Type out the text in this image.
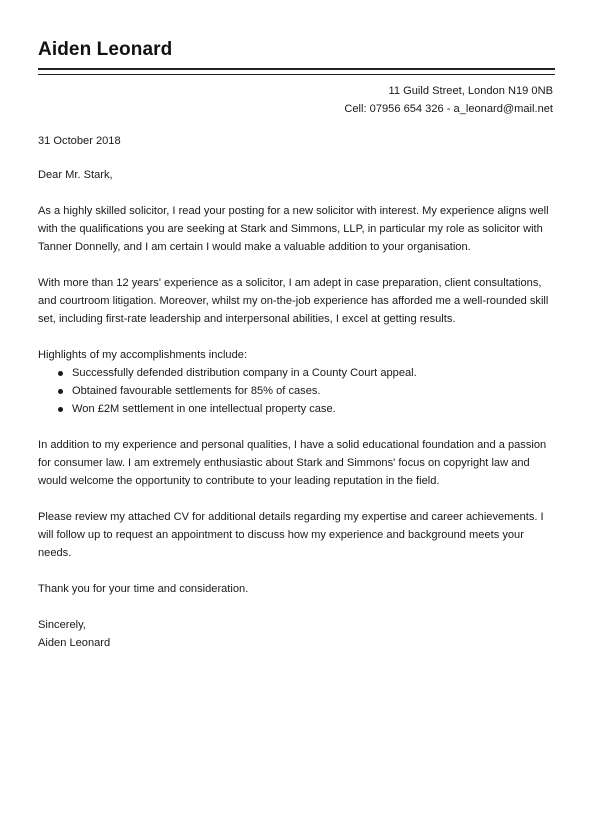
Aiden Leonard
11 Guild Street, London N19 0NB
Cell: 07956 654 326 - a_leonard@mail.net

31 October 2018

Dear Mr. Stark,

As a highly skilled solicitor, I read your posting for a new solicitor with interest. My experience aligns well with the qualifications you are seeking at Stark and Simmons, LLP, in particular my role as solicitor with Tanner Donnelly, and I am certain I would make a valuable addition to your organisation.

With more than 12 years' experience as a solicitor, I am adept in case preparation, client consultations, and courtroom litigation. Moreover, whilst my on-the-job experience has afforded me a well-rounded skill set, including first-rate leadership and interpersonal abilities, I excel at getting results.

Highlights of my accomplishments include:

Successfully defended distribution company in a County Court appeal.
Obtained favourable settlements for 85% of cases.
Won £2M settlement in one intellectual property case.

In addition to my experience and personal qualities, I have a solid educational foundation and a passion for consumer law. I am extremely enthusiastic about Stark and Simmons' focus on copyright law and would welcome the opportunity to contribute to your leading reputation in the field.

Please review my attached CV for additional details regarding my expertise and career achievements. I will follow up to request an appointment to discuss how my experience and background meets your needs.

Thank you for your time and consideration.

Sincerely,

Aiden Leonard
